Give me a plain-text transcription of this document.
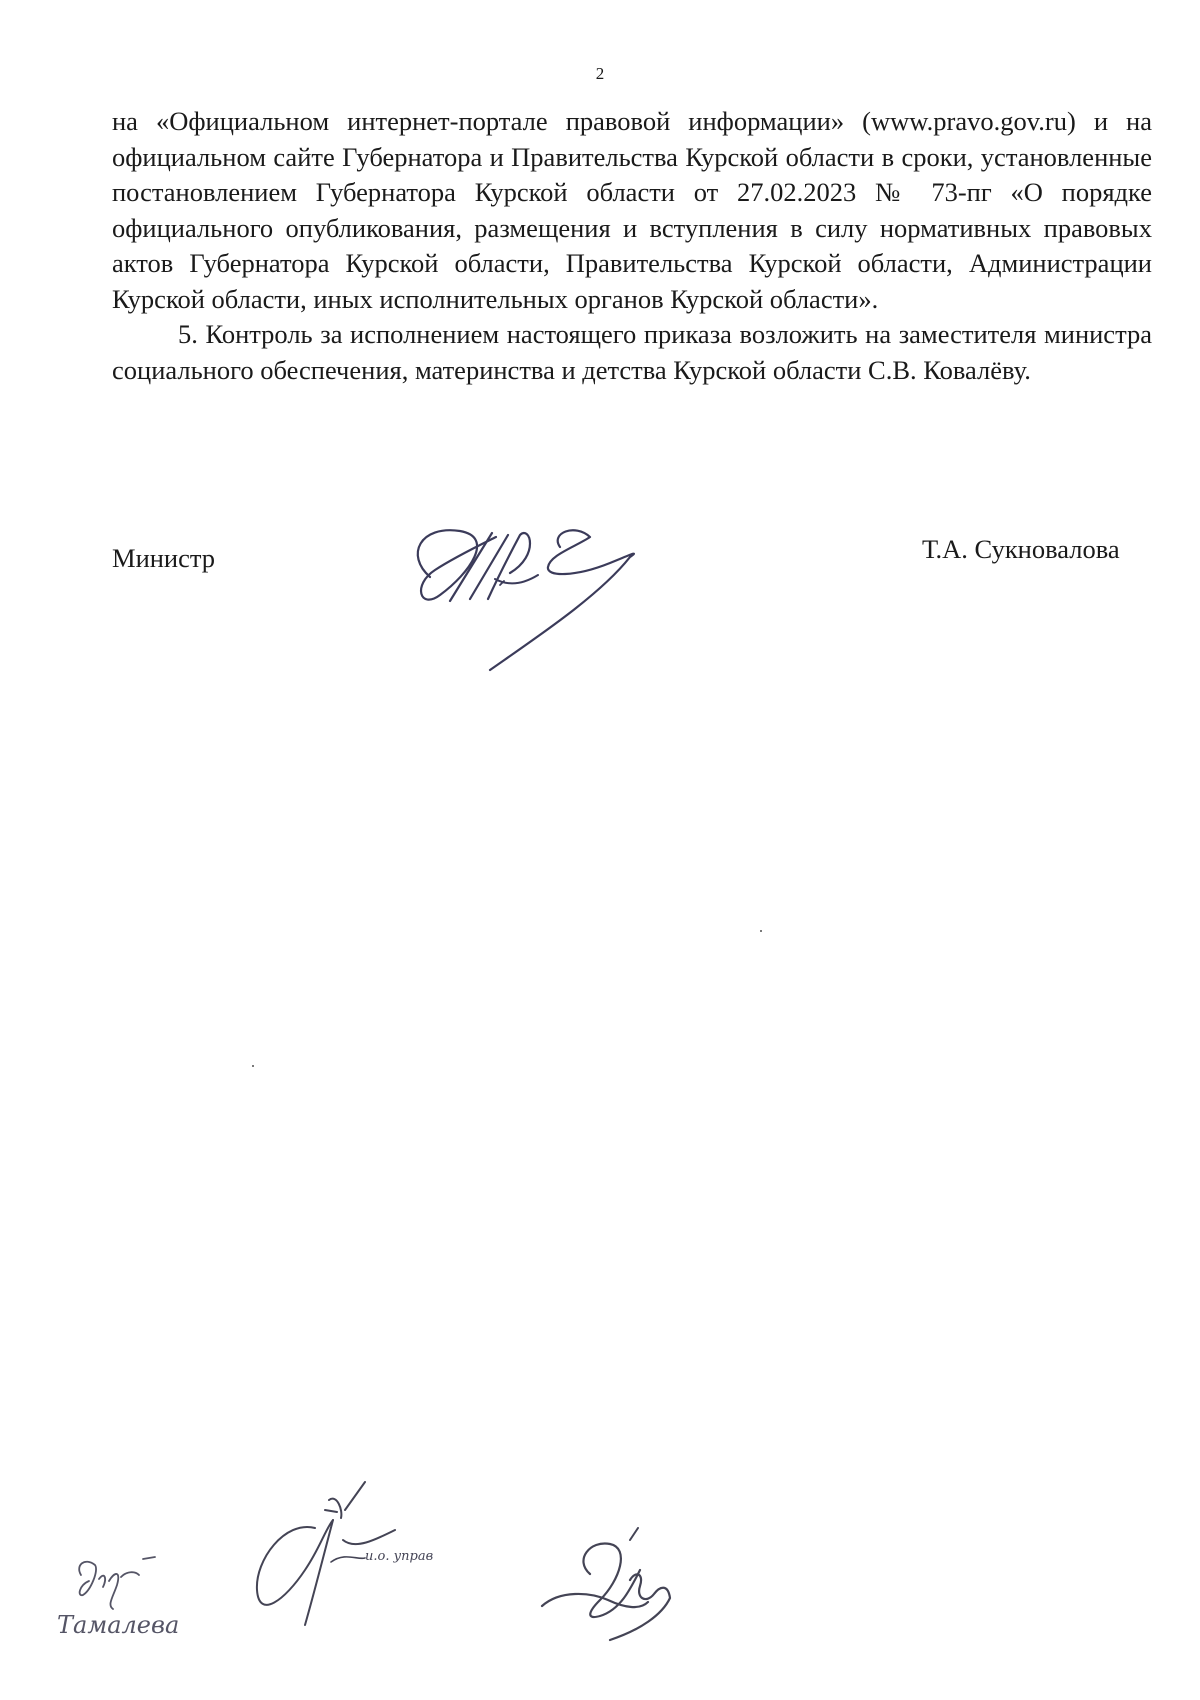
2

на «Официальном интернет-портале правовой информации» (www.pravo.gov.ru) и на официальном сайте Губернатора и Правительства Курской области в сроки, установленные постановлением Губернатора Курской области от 27.02.2023 № 73-пг «О порядке официального опубликования, размещения и вступления в силу нормативных правовых актов Губернатора Курской области, Правительства Курской области, Администрации Курской области, иных исполнительных органов Курской области».

5. Контроль за исполнением настоящего приказа возложить на заместителя министра социального обеспечения, материнства и детства Курской области С.В. Ковалёву.

Министр	Т.А. Сукновалова
Тамалева
и.о. управ
